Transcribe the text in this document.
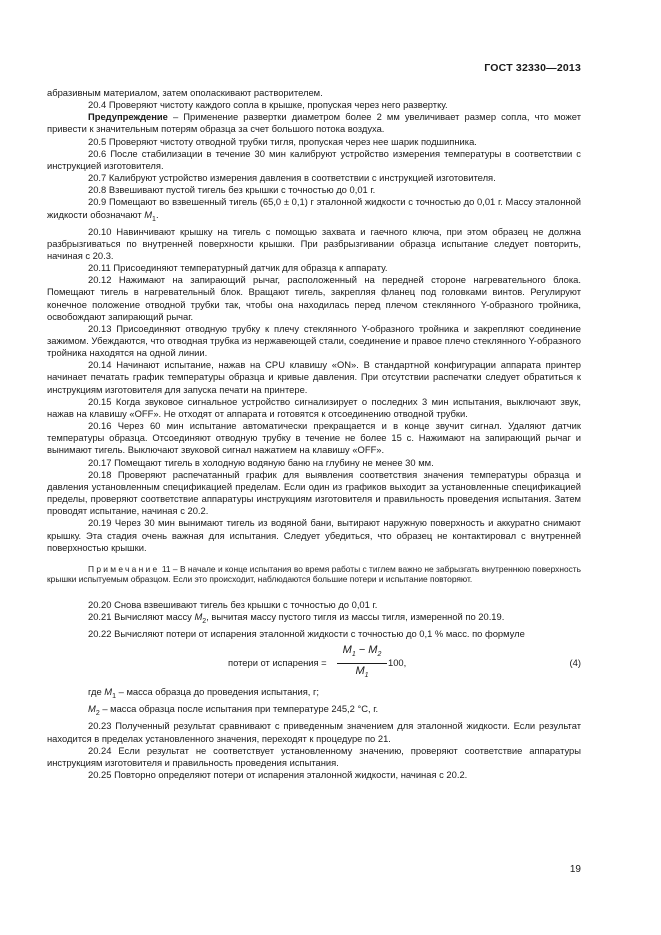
ГОСТ 32330—2013

абразивным материалом, затем ополаскивают растворителем.

20.4 Проверяют чистоту каждого сопла в крышке, пропуская через него развертку.

Предупреждение – Применение развертки диаметром более 2 мм увеличивает размер сопла, что может привести к значительным потерям образца за счет большого потока воздуха.

20.5 Проверяют чистоту отводной трубки тигля, пропуская через нее шарик подшипника.

20.6 После стабилизации в течение 30 мин калибруют устройство измерения температуры в соответствии с инструкцией изготовителя.

20.7 Калибруют устройство измерения давления в соответствии с инструкцией изготовителя.

20.8 Взвешивают пустой тигель без крышки с точностью до 0,01 г.

20.9 Помещают во взвешенный тигель (65,0 ± 0,1) г эталонной жидкости с точностью до 0,01 г. Массу эталонной жидкости обозначают $M_1$.

20.10 Навинчивают крышку на тигель с помощью захвата и гаечного ключа, при этом образец не должна разбрызгиваться по внутренней поверхности крышки. При разбрызгивании образца испытание следует повторить, начиная с 20.3.

20.11 Присоединяют температурный датчик для образца к аппарату.

20.12 Нажимают на запирающий рычаг, расположенный на передней стороне нагревательного блока. Помещают тигель в нагревательный блок. Вращают тигель, закрепляя фланец под головками винтов. Регулируют конечное положение отводной трубки так, чтобы она находилась перед плечом стеклянного Y-образного тройника, освобождают запирающий рычаг.

20.13 Присоединяют отводную трубку к плечу стеклянного Y-образного тройника и закрепляют соединение зажимом. Убеждаются, что отводная трубка из нержавеющей стали, соединение и правое плечо стеклянного Y-образного тройника находятся на одной линии.

20.14 Начинают испытание, нажав на CPU клавишу «ON». В стандартной конфигурации аппарата принтер начинает печатать график температуры образца и кривые давления. При отсутствии распечатки следует обратиться к инструкциям изготовителя для запуска печати на принтере.

20.15 Когда звуковое сигнальное устройство сигнализирует о последних 3 мин испытания, выключают звук, нажав на клавишу «OFF». Не отходят от аппарата и готовятся к отсоединению отводной трубки.

20.16 Через 60 мин испытание автоматически прекращается и в конце звучит сигнал. Удаляют датчик температуры образца. Отсоединяют отводную трубку в течение не более 15 с. Нажимают на запирающий рычаг и вынимают тигель. Выключают звуковой сигнал нажатием на клавишу «OFF».

20.17 Помещают тигель в холодную водяную баню на глубину не менее 30 мм.

20.18 Проверяют распечатанный график для выявления соответствия значения температуры образца и давления установленным спецификацией пределам. Если один из графиков выходит за установленные спецификацией пределы, проверяют соответствие аппаратуры инструкциям изготовителя и правильность проведения испытания. Затем проводят испытание, начиная с 20.2.

20.19 Через 30 мин вынимают тигель из водяной бани, вытирают наружную поверхность и аккуратно снимают крышку. Эта стадия очень важная для испытания. Следует убедиться, что образец не контактировал с внутренней поверхностью крышки.

Примечание 11 – В начале и конце испытания во время работы с тиглем важно не забрызгать внутреннюю поверхность крышки испытуемым образцом. Если это происходит, наблюдаются большие потери и испытание повторяют.

20.20 Снова взвешивают тигель без крышки с точностью до 0,01 г.

20.21 Вычисляют массу $M_2$, вычитая массу пустого тигля из массы тигля, измеренной по 20.19.

20.22 Вычисляют потери от испарения эталонной жидкости с точностью до 0,1 % масс. по формуле

потери от испарения = $\frac{M_1 - M_2}{M_1} 100$,	(4)

где $M_1$ – масса образца до проведения испытания, г;

$M_2$ – масса образца после испытания при температуре 245,2 °С, г.

20.23 Полученный результат сравнивают с приведенным значением для эталонной жидкости. Если результат находится в пределах установленного значения, переходят к процедуре по 21.

20.24 Если результат не соответствует установленному значению, проверяют соответствие аппаратуры инструкциям изготовителя и правильность проведения испытания.

20.25 Повторно определяют потери от испарения эталонной жидкости, начиная с 20.2.

19
